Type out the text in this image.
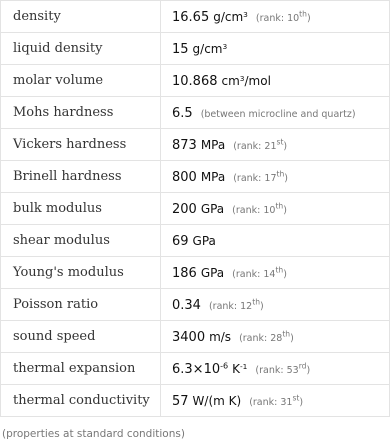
density	16.65 $g/cm^3$ (rank: 10th)
liquid density	15 $g/cm^3$
molar volume	10.868 $cm^3$/mol
Mohs hardness	6.5 (between microcline and quartz)
Vickers hardness	873 MPa (rank: 21st)
Brinell hardness	800 MPa (rank: 17th)
bulk modulus	200 GPa (rank: 10th)
shear modulus	69 GPa
Young's modulus	186 GPa (rank: 14th)
Poisson ratio	0.34 (rank: 12th)
sound speed	3400 m/s (rank: 28th)
thermal expansion	$6.3\times 10^{-6}$ $K^{-1}$ (rank: 53rd)
thermal conductivity	57 W/(m K) (rank: 31st)
(properties at standard conditions)
